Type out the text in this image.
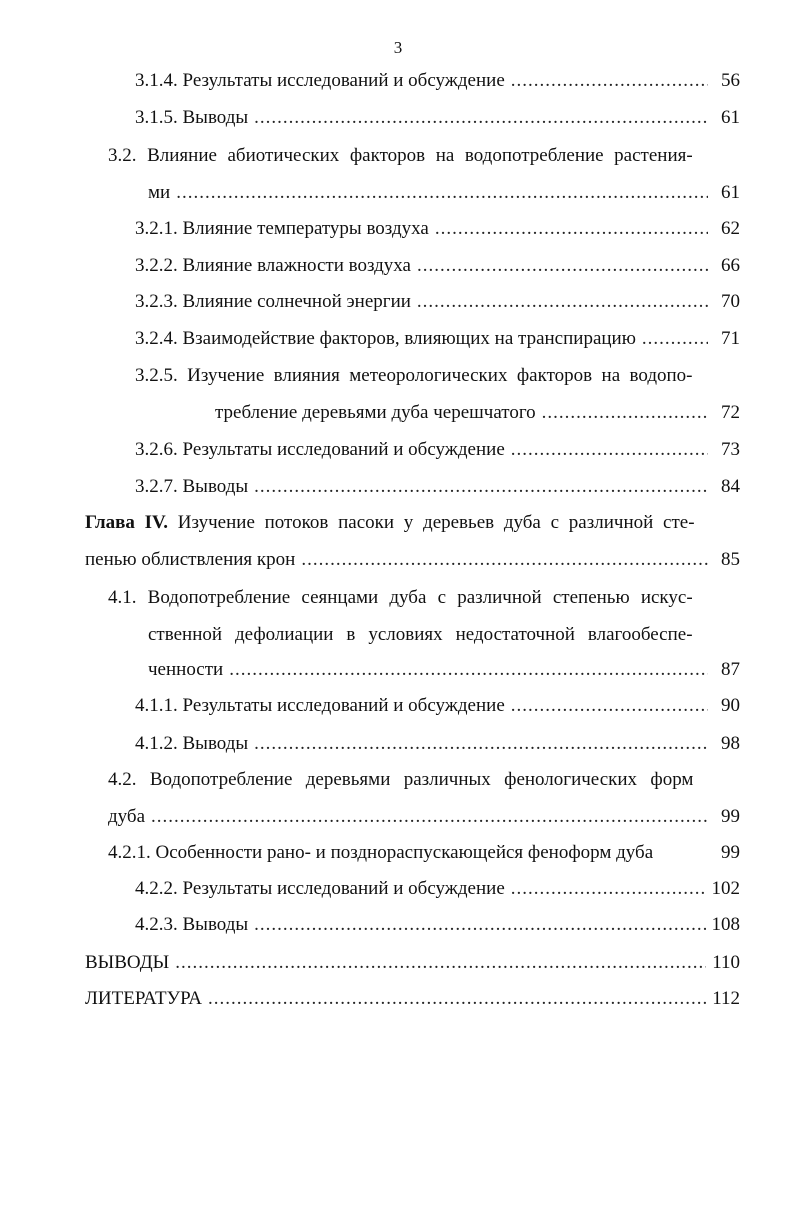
3
3.1.4. Результаты исследований и обсуждение .....	56
3.1.5. Выводы .....	61
3.2. Влияние абиотических факторов на водопотребление растения-
ми .....	61
3.2.1. Влияние температуры воздуха .....	62
3.2.2. Влияние влажности воздуха .....	66
3.2.3. Влияние солнечной энергии .....	70
3.2.4. Взаимодействие факторов, влияющих на транспирацию .....	71
3.2.5. Изучение влияния метеорологических факторов на водопо-
требление деревьями дуба черешчатого .....	72
3.2.6. Результаты исследований и обсуждение .....	73
3.2.7. Выводы .....	84
Глава IV. Изучение потоков пасоки у деревьев дуба с различной сте-
пенью облиствления крон .....	85
4.1. Водопотребление сеянцами дуба с различной степенью искус-
ственной дефолиации в условиях недостаточной влагообеспе-
ченности .....	87
4.1.1. Результаты исследований и обсуждение .....	90
4.1.2. Выводы .....	98
4.2. Водопотребление деревьями различных фенологических форм
дуба .....	99
4.2.1. Особенности рано- и позднораспускающейся феноформ дуба	99
4.2.2. Результаты исследований и обсуждение .....	102
4.2.3. Выводы .....	108
ВЫВОДЫ .....	110
ЛИТЕРАТУРА .....	112
